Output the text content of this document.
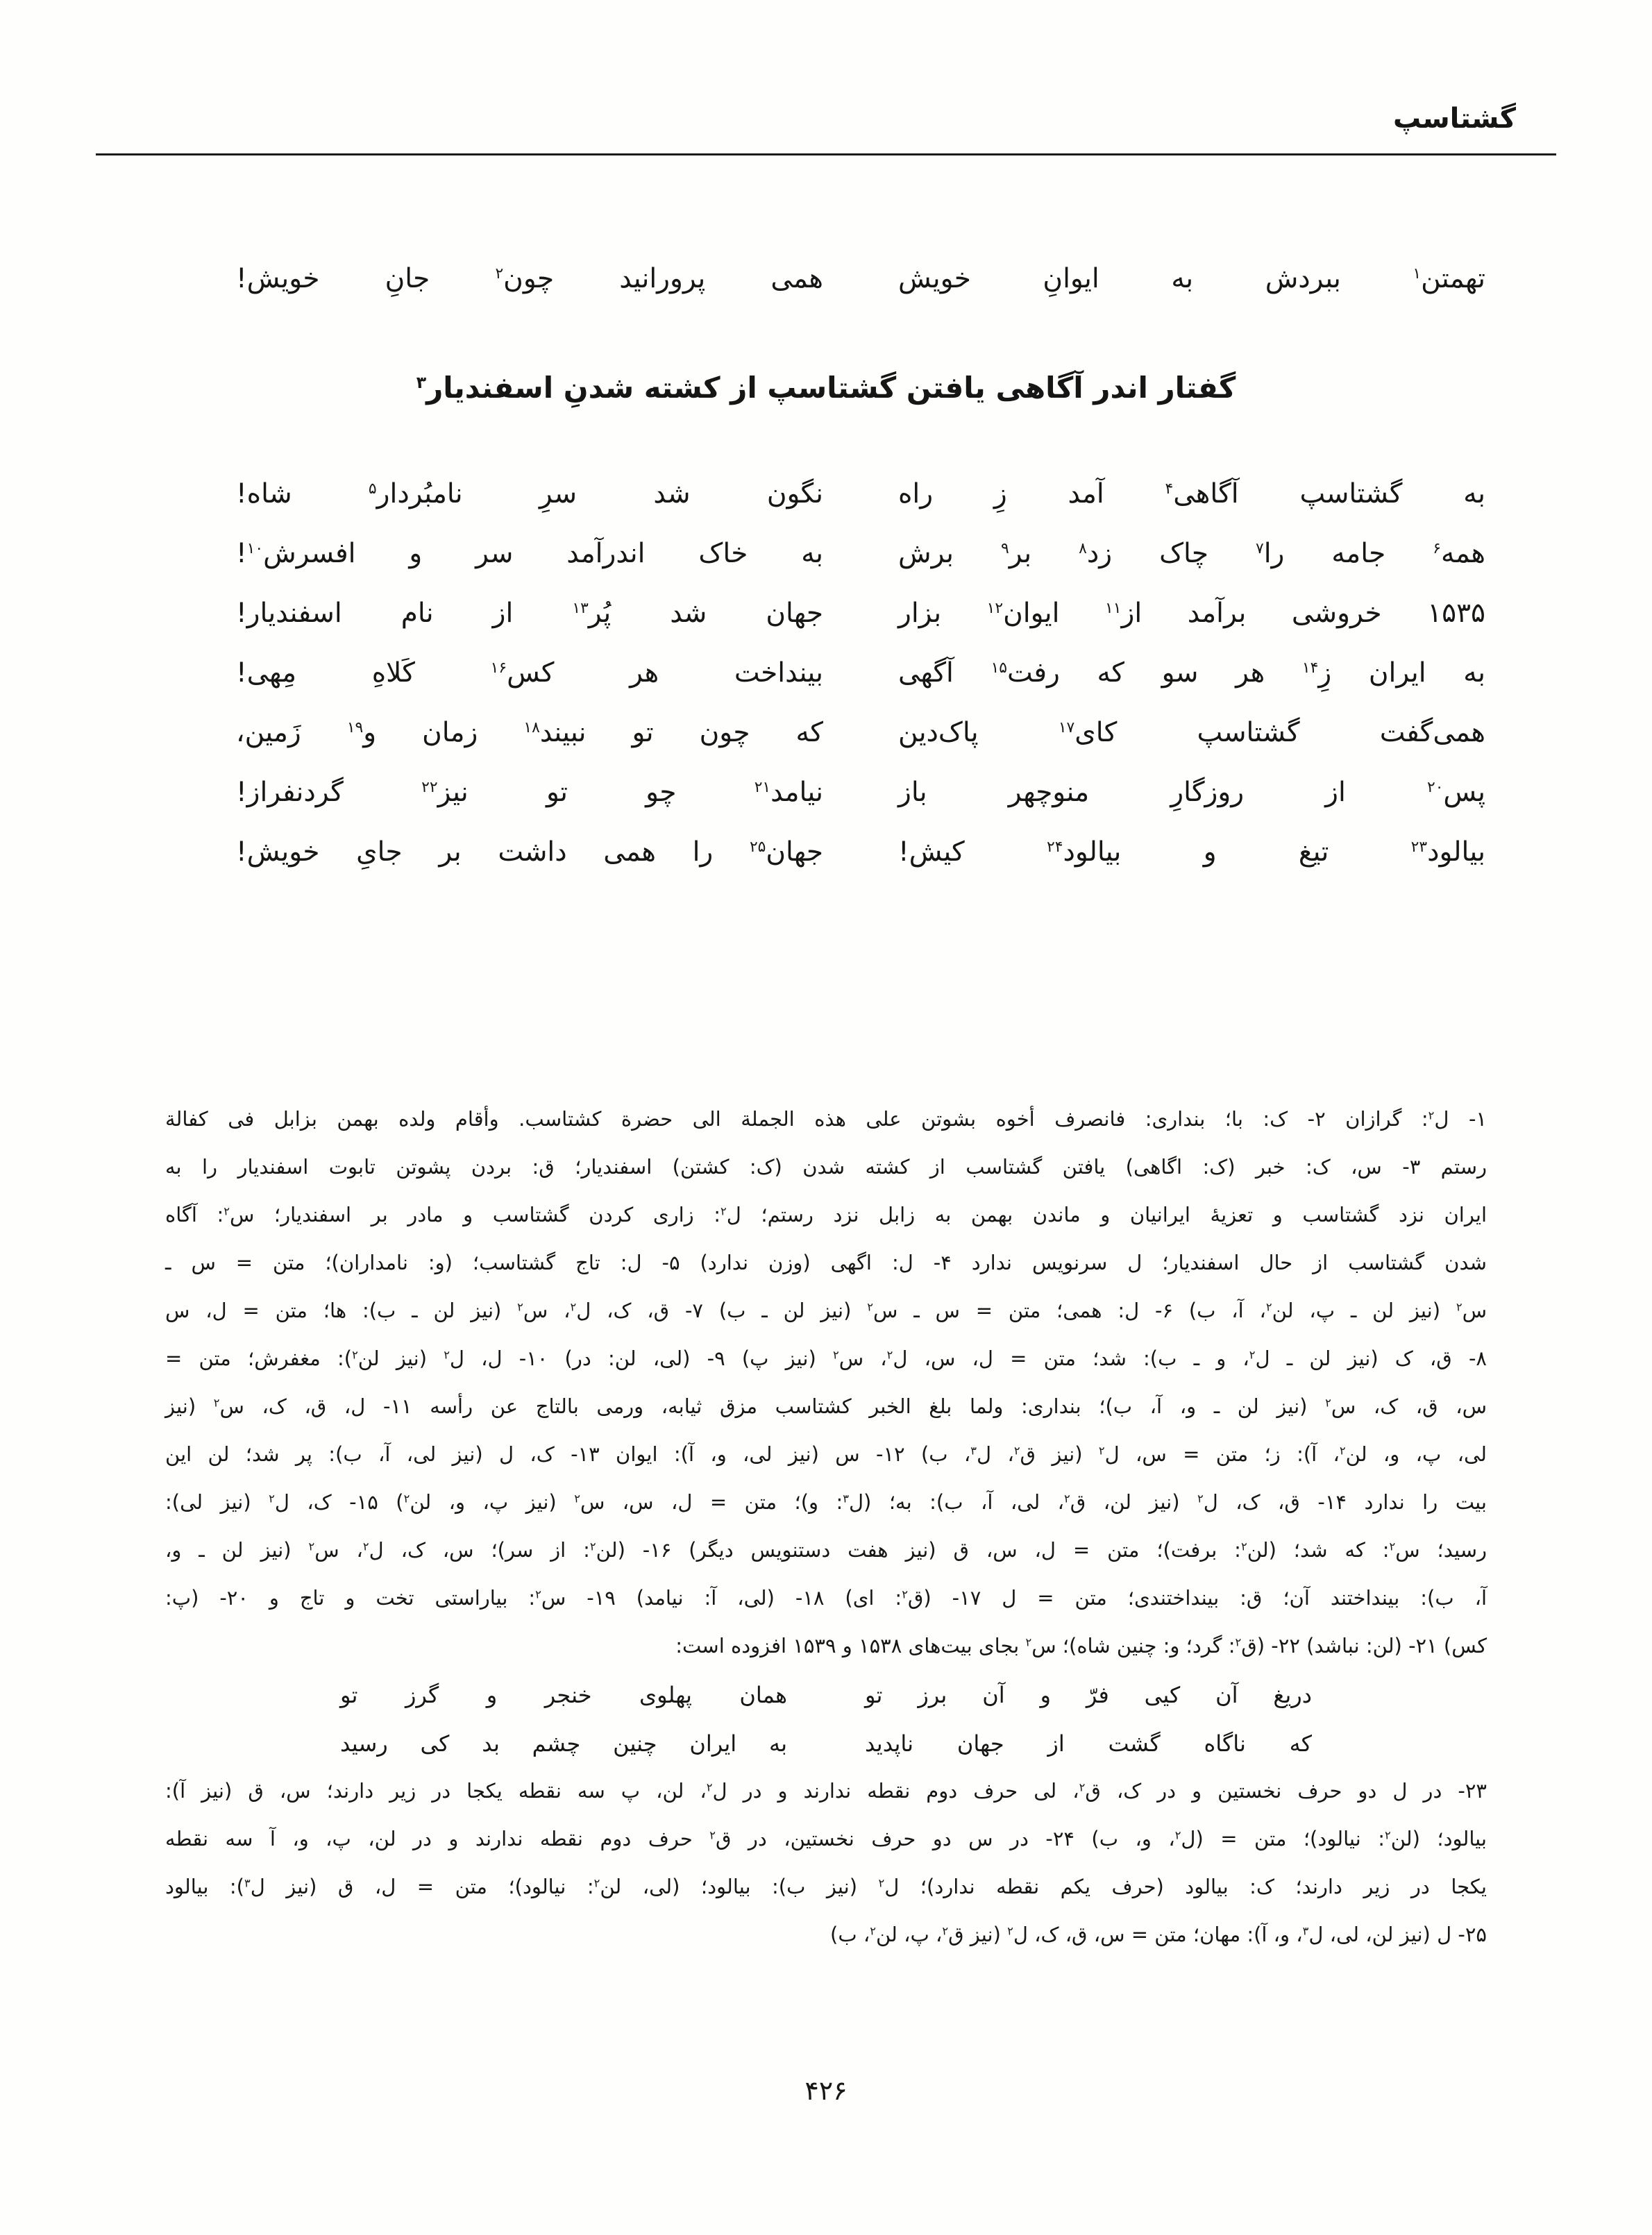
گشتاسپ
تهمتن$^۱$ ببردش به ایوانِ خویش
همی پرورانید چون$^۲$ جانِ خویش!
گفتار اندر آگاهی یافتن گشتاسپ از کشته شدنِ اسفندیار$^۳$
به گشتاسپ آگاهی$^۴$ آمد زِ راه
نگون شد سرِ نامبُردار$^۵$ شاه!
همه$^۶$ جامه را$^۷$ چاک زد$^۸$ بر$^۹$ برش
به خاک اندرآمد سر و افسرش$^{۱۰}$!
۱۵۳۵ خروشی برآمد از$^{۱۱}$ ایوان$^{۱۲}$ بزار
جهان شد پُر$^{۱۳}$ از نام اسفندیار!
به ایران زِ$^{۱۴}$ هر سو که رفت$^{۱۵}$ آگهی
بینداخت هر کس$^{۱۶}$ کَلاهِ مِهی!
همی‌گفت گشتاسپ کای$^{۱۷}$ پاک‌دین
که چون تو نبیند$^{۱۸}$ زمان و$^{۱۹}$ زَمین،
پس$^{۲۰}$ از روزگارِ منوچهر باز
نیامد$^{۲۱}$ چو تو نیز$^{۲۲}$ گردنفراز!
بیالود$^{۲۳}$ تیغ و بیالود$^{۲۴}$ کیش!
جهان$^{۲۵}$ را همی داشت بر جایِ خویش!
۱- ل$^۲$: گرازان ۲- ک: با؛ بنداری: فانصرف أخوه بشوتن علی هذه الجملة الی حضرة کشتاسب. وأقام ولده بهمن بزابل فی کفالة
رستم ۳- س، ک: خبر (ک: اگاهی) یافتن گشتاسب از کشته شدن (ک: کشتن) اسفندیار؛ ق: بردن پشوتن تابوت اسفندیار را به
ایران نزد گشتاسب و تعزیهٔ ایرانیان و ماندن بهمن به زابل نزد رستم؛ ل$^۲$: زاری کردن گشتاسب و مادر بر اسفندیار؛ س$^۲$: آگاه
شدن گشتاسب از حال اسفندیار؛ ل سرنویس ندارد ۴- ل: اگهی (وزن ندارد) ۵- ل: تاج گشتاسب؛ (و: نامداران)؛ متن = س ـ
س$^۲$ (نیز لن ـ پ، لن$^۲$، آ، ب) ۶- ل: همی؛ متن = س ـ س$^۲$ (نیز لن ـ ب) ۷- ق، ک، ل$^۲$، س$^۲$ (نیز لن ـ ب): ها؛ متن = ل، س
۸- ق، ک (نیز لن ـ ل$^۲$، و ـ ب): شد؛ متن = ل، س، ل$^۲$، س$^۲$ (نیز پ) ۹- (لی، لن: در) ۱۰- ل، ل$^۲$ (نیز لن$^۲$): مغفرش؛ متن =
س، ق، ک، س$^۲$ (نیز لن ـ و، آ، ب)؛ بنداری: ولما بلغ الخبر کشتاسب مزق ثیابه، ورمی بالتاج عن رأسه ۱۱- ل، ق، ک، س$^۲$ (نیز
لی، پ، و، لن$^۲$، آ): ز؛ متن = س، ل$^۲$ (نیز ق$^۲$، ل$^۳$، ب) ۱۲- س (نیز لی، و، آ): ایوان ۱۳- ک، ل (نیز لی، آ، ب): پر شد؛ لن این
بیت را ندارد ۱۴- ق، ک، ل$^۲$ (نیز لن، ق$^۲$، لی، آ، ب): به؛ (ل$^۳$: و)؛ متن = ل، س، س$^۲$ (نیز پ، و، لن$^۲$) ۱۵- ک، ل$^۲$ (نیز لی):
رسید؛ س$^۲$: که شد؛ (لن$^۲$: برفت)؛ متن = ل، س، ق (نیز هفت دستنویس دیگر) ۱۶- (لن$^۲$: از سر)؛ س، ک، ل$^۲$، س$^۲$ (نیز لن ـ و،
آ، ب): بینداختند آن؛ ق: بینداختندی؛ متن = ل ۱۷- (ق$^۲$: ای) ۱۸- (لی، آ: نیامد) ۱۹- س$^۲$: بیاراستی تخت و تاج و ۲۰- (پ:
کس) ۲۱- (لن: نباشد) ۲۲- (ق$^۲$: گرد؛ و: چنین شاه)؛ س$^۲$ بجای بیت‌های ۱۵۳۸ و ۱۵۳۹ افزوده است:
دریغ آن کیی فرّ و آن برز تو
همان پهلوی خنجر و گرز تو
که ناگاه گشت از جهان ناپدید
به ایران چنین چشم بد کی رسید
۲۳- در ل دو حرف نخستین و در ک، ق$^۲$، لی حرف دوم نقطه ندارند و در ل$^۲$، لن، پ سه نقطه یکجا در زیر دارند؛ س، ق (نیز آ):
بیالود؛ (لن$^۲$: نیالود)؛ متن = (ل$^۲$، و، ب) ۲۴- در س دو حرف نخستین، در ق$^۲$ حرف دوم نقطه ندارند و در لن، پ، و، آ سه نقطه
یکجا در زیر دارند؛ ک: بیالود (حرف یکم نقطه ندارد)؛ ل$^۲$ (نیز ب): بیالود؛ (لی، لن$^۲$: نیالود)؛ متن = ل، ق (نیز ل$^۳$): بیالود
۲۵- ل (نیز لن، لی، ل$^۳$، و، آ): مهان؛ متن = س، ق، ک، ل$^۲$ (نیز ق$^۲$، پ، لن$^۲$، ب)
۴۲۶
